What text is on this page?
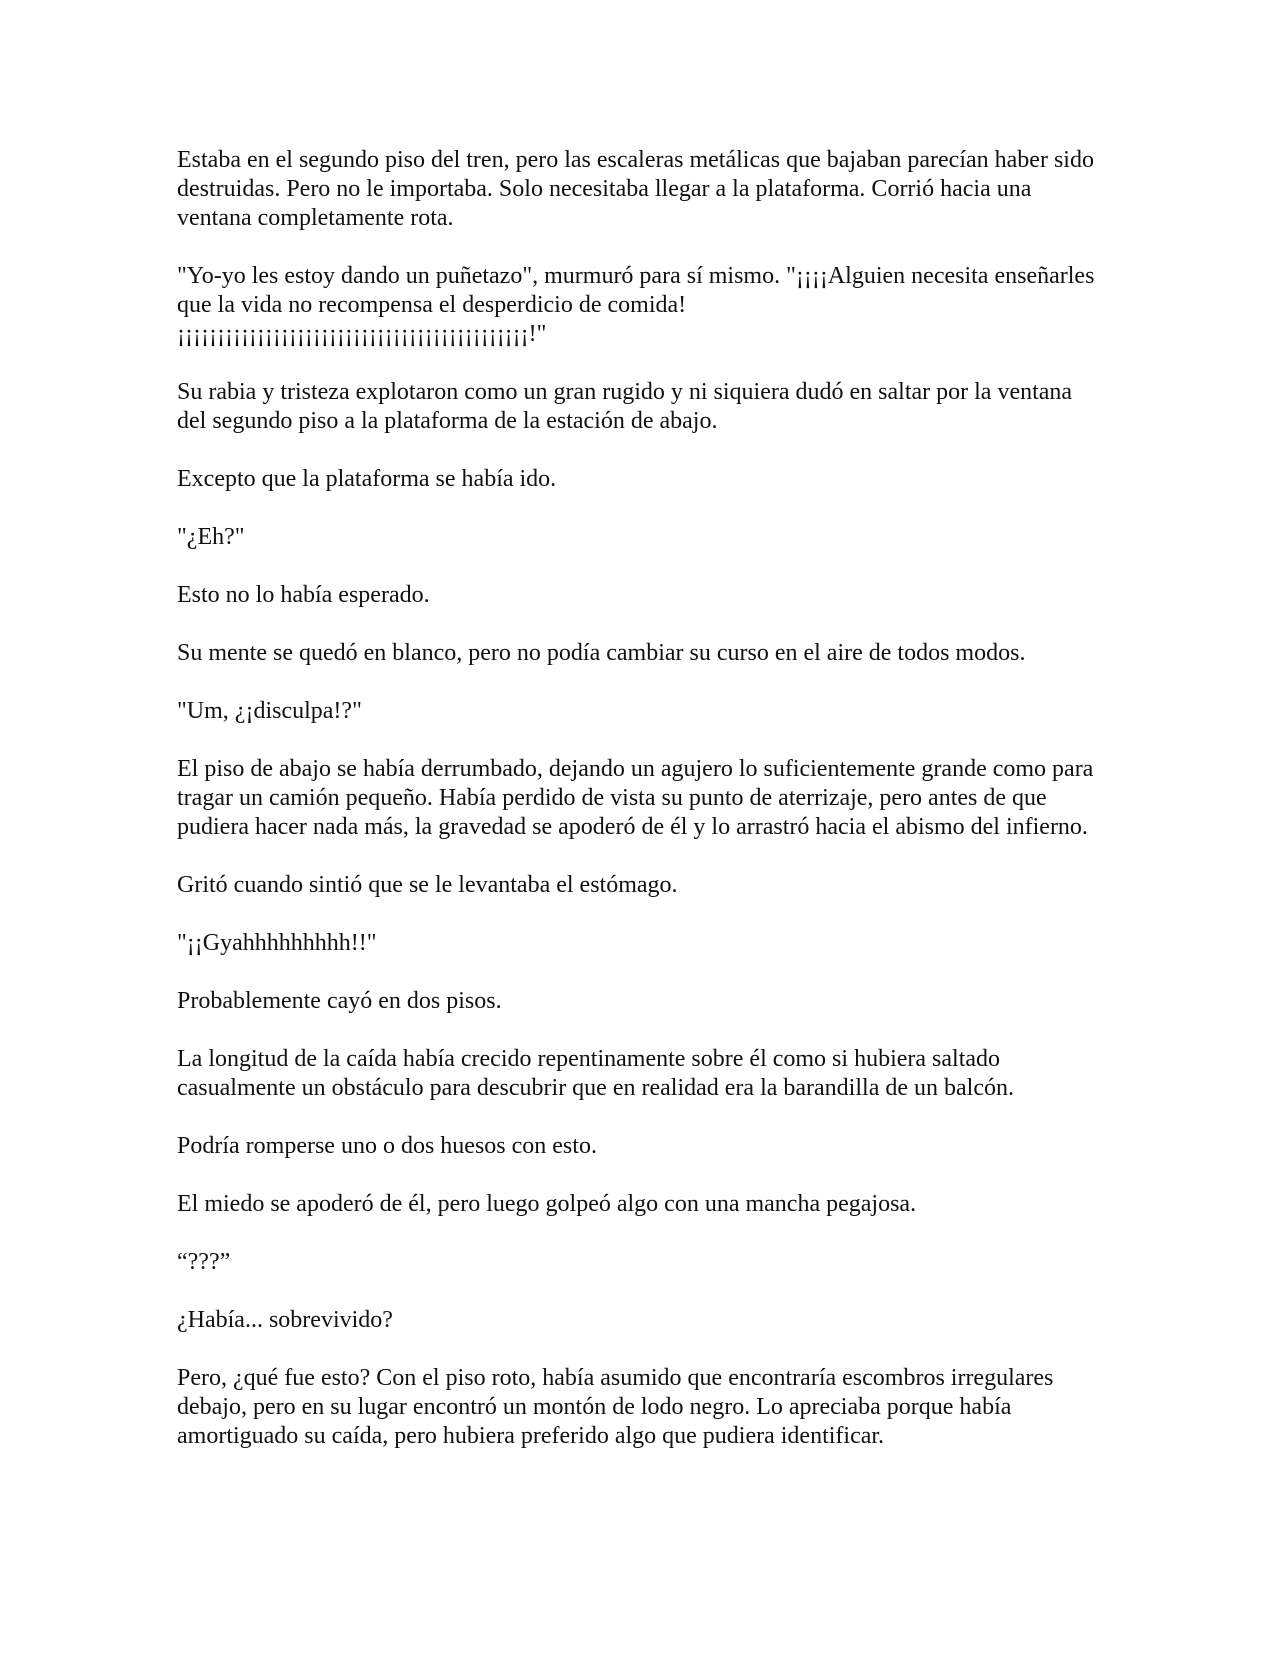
Estaba en el segundo piso del tren, pero las escaleras metálicas que bajaban parecían haber sido destruidas. Pero no le importaba. Solo necesitaba llegar a la plataforma. Corrió hacia una ventana completamente rota.

"Yo-yo les estoy dando un puñetazo", murmuró para sí mismo. "¡¡¡¡Alguien necesita enseñarles que la vida no recompensa el desperdicio de comida!
¡¡¡¡¡¡¡¡¡¡¡¡¡¡¡¡¡¡¡¡¡¡¡¡¡¡¡¡¡¡¡¡¡¡¡¡¡¡¡¡¡¡¡¡!"

Su rabia y tristeza explotaron como un gran rugido y ni siquiera dudó en saltar por la ventana del segundo piso a la plataforma de la estación de abajo.

Excepto que la plataforma se había ido.

"¿Eh?"

Esto no lo había esperado.

Su mente se quedó en blanco, pero no podía cambiar su curso en el aire de todos modos.

"Um, ¿¡disculpa!?"

El piso de abajo se había derrumbado, dejando un agujero lo suficientemente grande como para tragar un camión pequeño. Había perdido de vista su punto de aterrizaje, pero antes de que pudiera hacer nada más, la gravedad se apoderó de él y lo arrastró hacia el abismo del infierno.

Gritó cuando sintió que se le levantaba el estómago.

"¡¡Gyahhhhhhhhh!!"

Probablemente cayó en dos pisos.

La longitud de la caída había crecido repentinamente sobre él como si hubiera saltado casualmente un obstáculo para descubrir que en realidad era la barandilla de un balcón.

Podría romperse uno o dos huesos con esto.

El miedo se apoderó de él, pero luego golpeó algo con una mancha pegajosa.

“???”

¿Había... sobrevivido?

Pero, ¿qué fue esto? Con el piso roto, había asumido que encontraría escombros irregulares debajo, pero en su lugar encontró un montón de lodo negro. Lo apreciaba porque había amortiguado su caída, pero hubiera preferido algo que pudiera identificar.
